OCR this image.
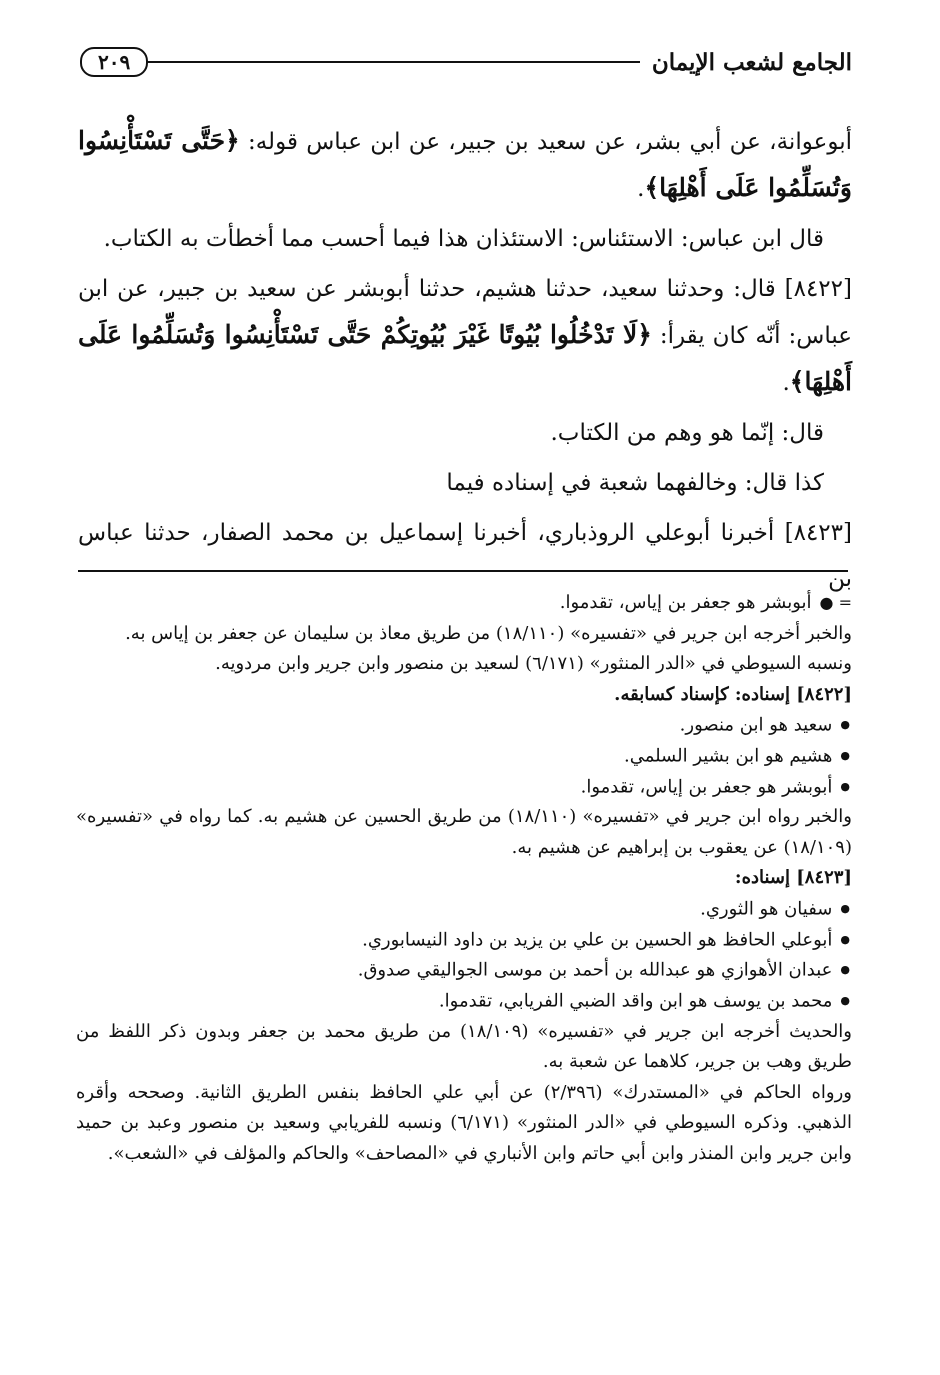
الجامع لشعب الإيمان
٢٠٩

أبوعوانة، عن أبي بشر، عن سعيد بن جبير، عن ابن عباس قوله: ﴿حَتَّى تَسْتَأْنِسُوا وَتُسَلِّمُوا عَلَى أَهْلِهَا﴾.

قال ابن عباس: الاستئناس: الاستئذان هذا فيما أحسب مما أخطأت به الكتاب.

[٨٤٢٢] قال: وحدثنا سعيد، حدثنا هشيم، حدثنا أبوبشر عن سعيد بن جبير، عن ابن عباس: أنّه كان يقرأ: ﴿لَا تَدْخُلُوا بُيُوتًا غَيْرَ بُيُوتِكُمْ حَتَّى تَسْتَأْنِسُوا وَتُسَلِّمُوا عَلَى أَهْلِهَا﴾.

قال: إنّما هو وهم من الكتاب.

كذا قال: وخالفهما شعبة في إسناده فيما

[٨٤٢٣] أخبرنا أبوعلي الروذباري، أخبرنا إسماعيل بن محمد الصفار، حدثنا عباس بن

= ● أبوبشر هو جعفر بن إياس، تقدموا.

والخبر أخرجه ابن جرير في «تفسيره» (١٨/١١٠) من طريق معاذ بن سليمان عن جعفر بن إياس به.

ونسبه السيوطي في «الدر المنثور» (٦/١٧١) لسعيد بن منصور وابن جرير وابن مردويه.

[٨٤٢٢] إسناده: كإسناد كسابقه.

● سعيد هو ابن منصور.

● هشيم هو ابن بشير السلمي.

● أبوبشر هو جعفر بن إياس، تقدموا.

والخبر رواه ابن جرير في «تفسيره» (١٨/١١٠) من طريق الحسين عن هشيم به. كما رواه في «تفسيره» (١٨/١٠٩) عن يعقوب بن إبراهيم عن هشيم به.

[٨٤٢٣] إسناده:

● سفيان هو الثوري.

● أبوعلي الحافظ هو الحسين بن علي بن يزيد بن داود النيسابوري.

● عبدان الأهوازي هو عبدالله بن أحمد بن موسى الجواليقي صدوق.

● محمد بن يوسف هو ابن واقد الضبي الفريابي، تقدموا.

والحديث أخرجه ابن جرير في «تفسيره» (١٨/١٠٩) من طريق محمد بن جعفر وبدون ذكر اللفظ من طريق وهب بن جرير، كلاهما عن شعبة به.

ورواه الحاكم في «المستدرك» (٢/٣٩٦) عن أبي علي الحافظ بنفس الطريق الثانية. وصححه وأقره الذهبي. وذكره السيوطي في «الدر المنثور» (٦/١٧١) ونسبه للفريابي وسعيد بن منصور وعبد بن حميد وابن جرير وابن المنذر وابن أبي حاتم وابن الأنباري في «المصاحف» والحاكم والمؤلف في «الشعب».
